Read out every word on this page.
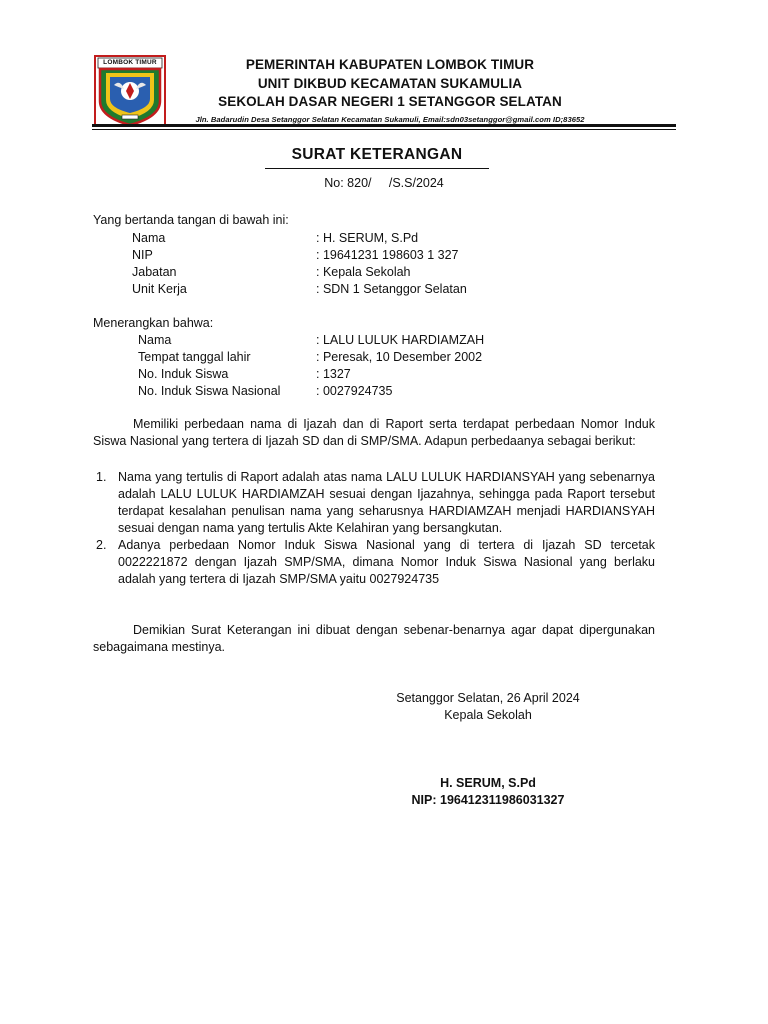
LOMBOK TIMUR	PEMERINTAH KABUPATEN LOMBOK TIMUR
UNIT DIKBUD KECAMATAN SUKAMULIA
SEKOLAH DASAR NEGERI 1 SETANGGOR SELATAN
Jln. Badarudin Desa Setanggor Selatan Kecamatan Sukamuli, Email:sdn03setanggor@gmail.com ID;83652
SURAT KETERANGAN
No: 820/     /S.S/2024
Yang bertanda tangan di bawah ini:
Nama	: H. SERUM, S.Pd
NIP	: 19641231 198603 1 327
Jabatan	: Kepala Sekolah
Unit Kerja	: SDN 1 Setanggor Selatan
Menerangkan bahwa:
Nama	: LALU LULUK HARDIAMZAH
Tempat tanggal lahir	: Peresak, 10 Desember 2002
No. Induk Siswa	: 1327
No. Induk Siswa Nasional	: 0027924735
Memiliki perbedaan nama di Ijazah dan di Raport serta terdapat perbedaan Nomor Induk Siswa Nasional yang tertera di Ijazah SD dan di SMP/SMA. Adapun perbedaanya sebagai berikut:
1. Nama yang tertulis di Raport adalah atas nama LALU LULUK HARDIANSYAH yang sebenarnya adalah LALU LULUK HARDIAMZAH sesuai dengan Ijazahnya, sehingga pada Raport tersebut terdapat kesalahan penulisan nama yang seharusnya HARDIAMZAH menjadi HARDIANSYAH sesuai dengan nama yang tertulis Akte Kelahiran yang bersangkutan.
2. Adanya perbedaan Nomor Induk Siswa Nasional yang di tertera di Ijazah SD tercetak 0022221872 dengan Ijazah SMP/SMA, dimana Nomor Induk Siswa Nasional yang berlaku adalah yang tertera di Ijazah SMP/SMA yaitu 0027924735
Demikian Surat Keterangan ini dibuat dengan sebenar-benarnya agar dapat dipergunakan sebagaimana mestinya.
Setanggor Selatan, 26 April 2024
Kepala Sekolah
H. SERUM, S.Pd
NIP: 196412311986031327
